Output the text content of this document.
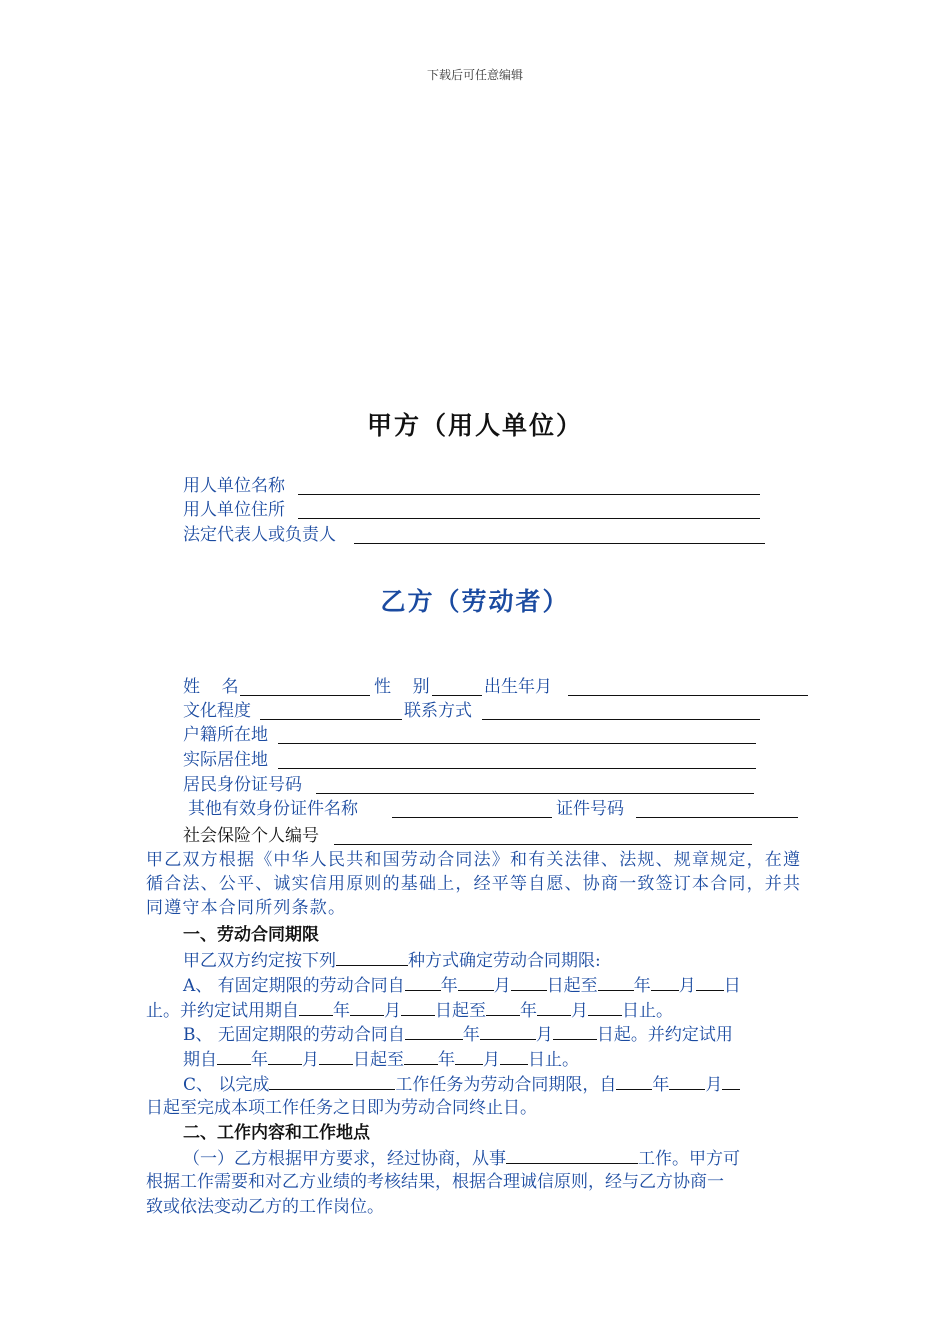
下载后可任意编辑
甲方（用人单位）
用人单位名称
用人单位住所
法定代表人或负责人
乙方（劳动者）
姓    名	性    别	出生年月
文化程度	联系方式
户籍所在地
实际居住地
居民身份证号码
其他有效身份证件名称	证件号码
社会保险个人编号
甲乙双方根据《中华人民共和国劳动合同法》和有关法律、法规、规章规定，在遵循合法、公平、诚实信用原则的基础上，经平等自愿、协商一致签订本合同，并共同遵守本合同所列条款。
一、劳动合同期限
甲乙双方约定按下列	种方式确定劳动合同期限:
A、 有固定期限的劳动合同自 年 月 日起至 年 月 日
止。并约定试用期自 年 月 日起至 年 月 日止。
B、 无固定期限的劳动合同自	年	月	日起。并约定试用
期自 年 月 日起至 年 月 日止。
C、 以完成	工作任务为劳动合同期限，自 年 月
日起至完成本项工作任务之日即为劳动合同终止日。
二、工作内容和工作地点
（一）乙方根据甲方要求，经过协商，从事	工作。甲方可
根据工作需要和对乙方业绩的考核结果，根据合理诚信原则，经与乙方协商一
致或依法变动乙方的工作岗位。
